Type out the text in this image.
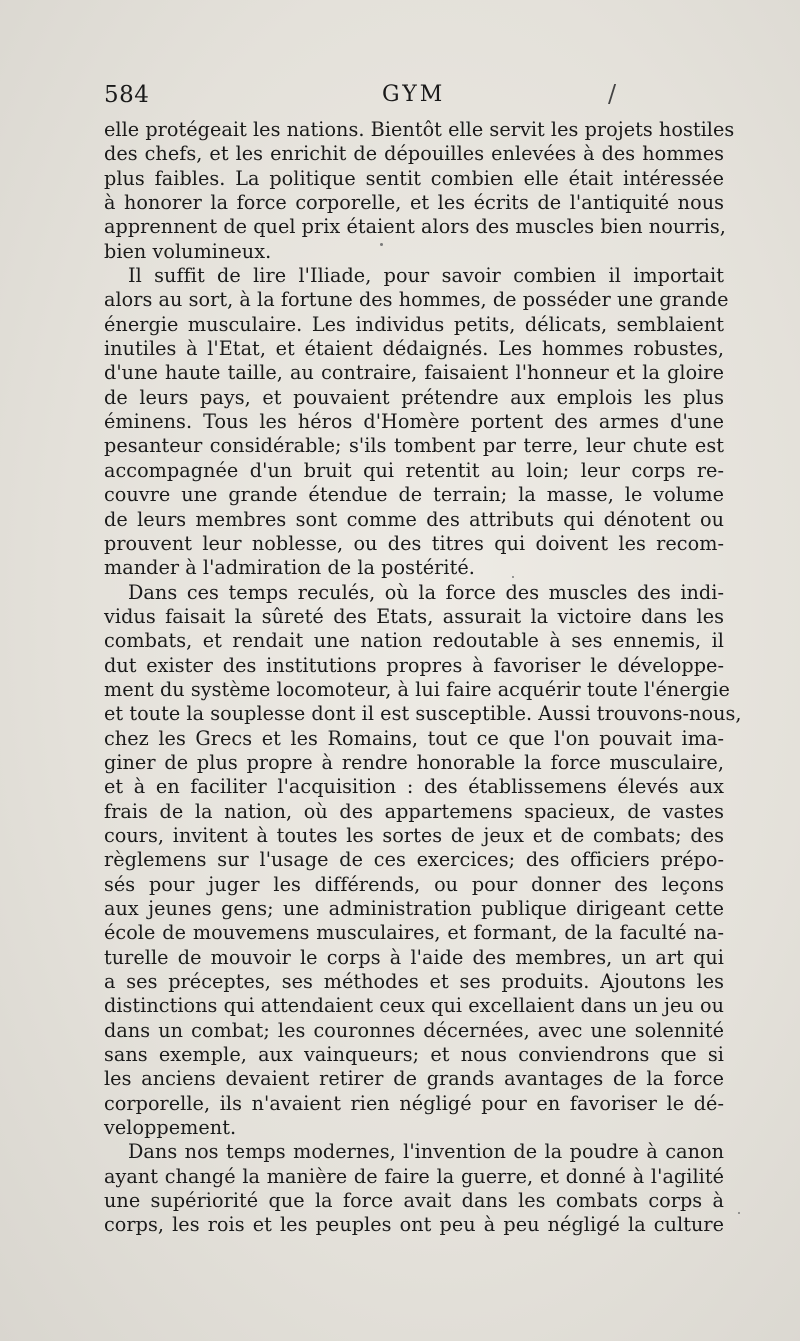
584	GYM	/
elle protégeait les nations. Bientôt elle servit les projets hostiles
des chefs, et les enrichit de dépouilles enlevées à des hommes
plus faibles. La politique sentit combien elle était intéressée
à honorer la force corporelle, et les écrits de l'antiquité nous
apprennent de quel prix étaient alors des muscles bien nourris,
bien volumineux.
Il suffit de lire l'Iliade, pour savoir combien il importait
alors au sort, à la fortune des hommes, de posséder une grande
énergie musculaire. Les individus petits, délicats, semblaient
inutiles à l'Etat, et étaient dédaignés. Les hommes robustes,
d'une haute taille, au contraire, faisaient l'honneur et la gloire
de leurs pays, et pouvaient prétendre aux emplois les plus
éminens. Tous les héros d'Homère portent des armes d'une
pesanteur considérable; s'ils tombent par terre, leur chute est
accompagnée d'un bruit qui retentit au loin; leur corps re-
couvre une grande étendue de terrain; la masse, le volume
de leurs membres sont comme des attributs qui dénotent ou
prouvent leur noblesse, ou des titres qui doivent les recom-
mander à l'admiration de la postérité.
Dans ces temps reculés, où la force des muscles des indi-
vidus faisait la sûreté des Etats, assurait la victoire dans les
combats, et rendait une nation redoutable à ses ennemis, il
dut exister des institutions propres à favoriser le développe-
ment du système locomoteur, à lui faire acquérir toute l'énergie
et toute la souplesse dont il est susceptible. Aussi trouvons-nous,
chez les Grecs et les Romains, tout ce que l'on pouvait ima-
giner de plus propre à rendre honorable la force musculaire,
et à en faciliter l'acquisition : des établissemens élevés aux
frais de la nation, où des appartemens spacieux, de vastes
cours, invitent à toutes les sortes de jeux et de combats; des
règlemens sur l'usage de ces exercices; des officiers prépo-
sés pour juger les différends, ou pour donner des leçons
aux jeunes gens; une administration publique dirigeant cette
école de mouvemens musculaires, et formant, de la faculté na-
turelle de mouvoir le corps à l'aide des membres, un art qui
a ses préceptes, ses méthodes et ses produits. Ajoutons les
distinctions qui attendaient ceux qui excellaient dans un jeu ou
dans un combat; les couronnes décernées, avec une solennité
sans exemple, aux vainqueurs; et nous conviendrons que si
les anciens devaient retirer de grands avantages de la force
corporelle, ils n'avaient rien négligé pour en favoriser le dé-
veloppement.
Dans nos temps modernes, l'invention de la poudre à canon
ayant changé la manière de faire la guerre, et donné à l'agilité
une supériorité que la force avait dans les combats corps à
corps, les rois et les peuples ont peu à peu négligé la culture
